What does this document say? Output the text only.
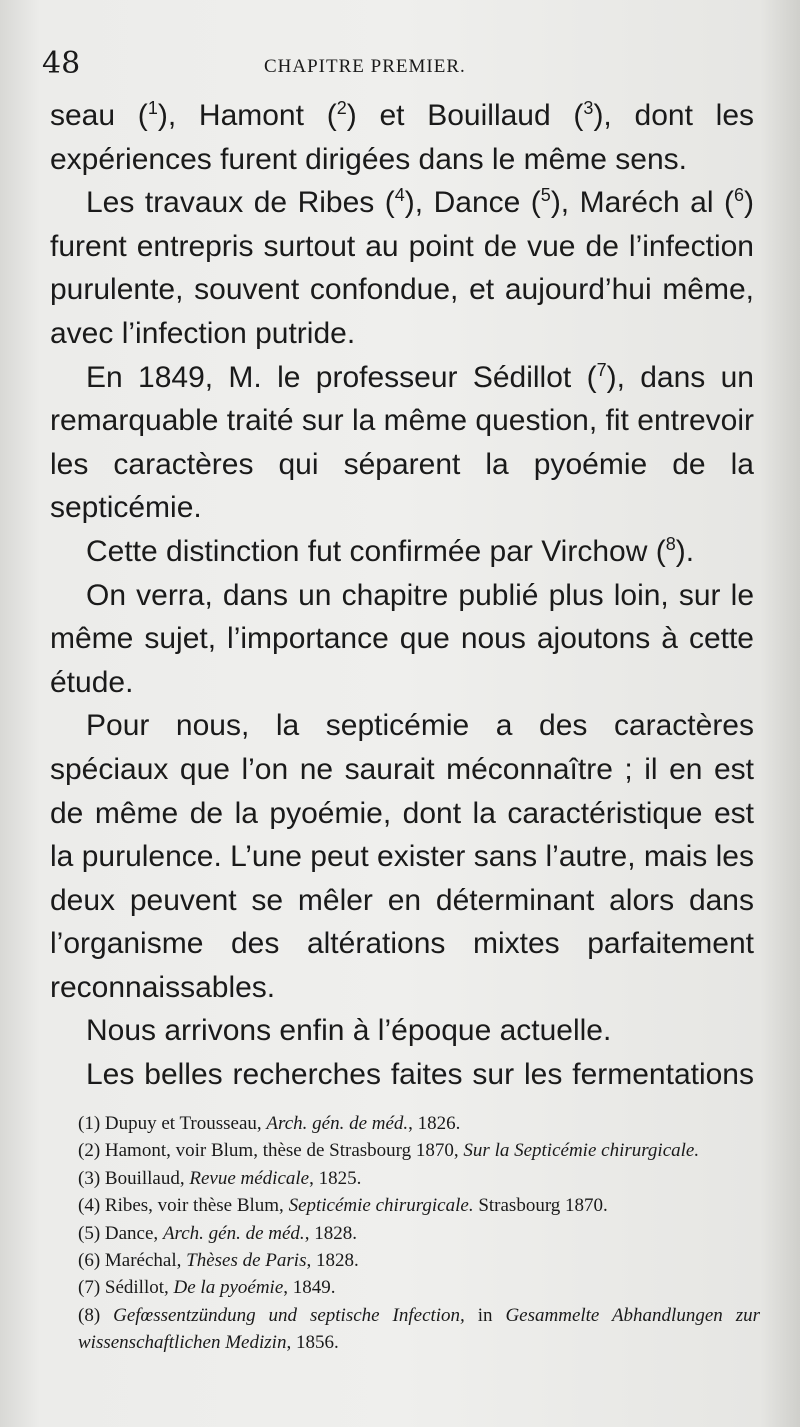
48	CHAPITRE PREMIER.

seau ($^1$), Hamont ($^2$) et Bouillaud ($^3$), dont les expériences furent dirigées dans le même sens.

Les travaux de Ribes ($^4$), Dance ($^5$), Maréch al ($^6$) furent entrepris surtout au point de vue de l’infection purulente, souvent confondue, et aujourd’hui même, avec l’infection putride.

En 1849, M. le professeur Sédillot ($^7$), dans un remarquable traité sur la même question, fit entrevoir les caractères qui séparent la pyoémie de la septicémie.

Cette distinction fut confirmée par Virchow ($^8$).

On verra, dans un chapitre publié plus loin, sur le même sujet, l’importance que nous ajoutons à cette étude.

Pour nous, la septicémie a des caractères spéciaux que l’on ne saurait méconnaître ; il en est de même de la pyoémie, dont la caractéristique est la purulence. L’une peut exister sans l’autre, mais les deux peuvent se mêler en déterminant alors dans l’organisme des altérations mixtes parfaitement reconnaissables.

Nous arrivons enfin à l’époque actuelle.

Les belles recherches faites sur les fermentations

(1) Dupuy et Trousseau, Arch. gén. de méd., 1826.

(2) Hamont, voir Blum, thèse de Strasbourg 1870, Sur la Septicémie chirurgicale.

(3) Bouillaud, Revue médicale, 1825.

(4) Ribes, voir thèse Blum, Septicémie chirurgicale. Strasbourg 1870.

(5) Dance, Arch. gén. de méd., 1828.

(6) Maréchal, Thèses de Paris, 1828.

(7) Sédillot, De la pyoémie, 1849.

(8) Gefœssentzündung und septische Infection, in Gesammelte Abhandlungen zur wissenschaftlichen Medizin, 1856.
